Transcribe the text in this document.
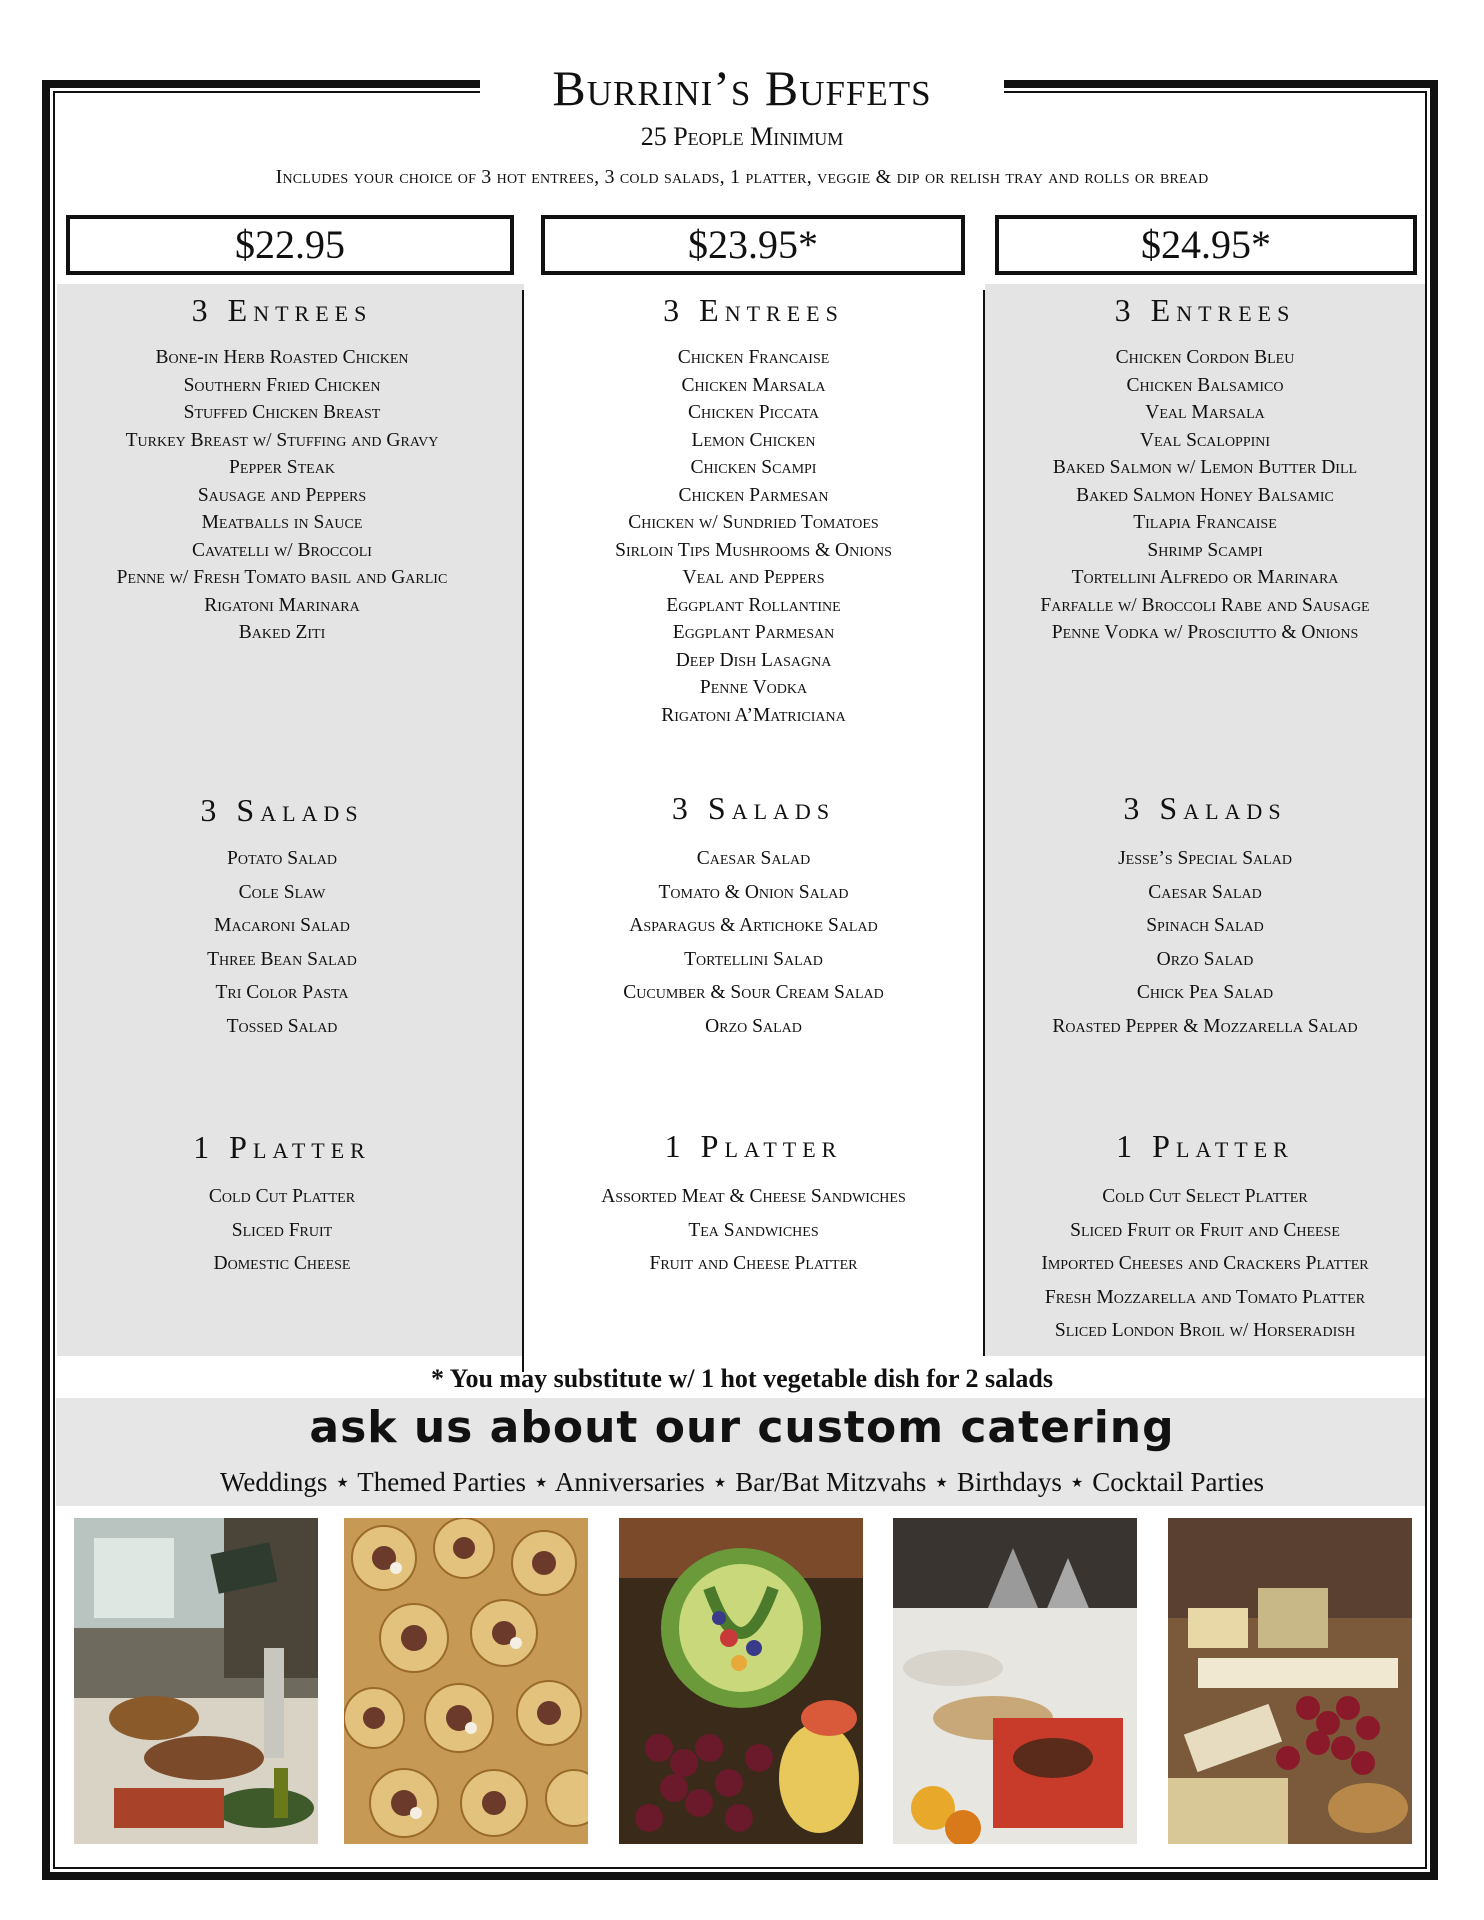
Burrini’s Buffets
25 People Minimum
Includes your choice of 3 hot entrees, 3 cold salads, 1 platter, veggie & dip or relish tray and rolls or bread
$22.95	$23.95*	$24.95*
3 Entrees
Bone-in Herb Roasted Chicken
Southern Fried Chicken
Stuffed Chicken Breast
Turkey Breast w/ Stuffing and Gravy
Pepper Steak
Sausage and Peppers
Meatballs in Sauce
Cavatelli w/ Broccoli
Penne w/ Fresh Tomato basil and Garlic
Rigatoni Marinara
Baked Ziti
3 Salads
Potato Salad
Cole Slaw
Macaroni Salad
Three Bean Salad
Tri Color Pasta
Tossed Salad
1 Platter
Cold Cut Platter
Sliced Fruit
Domestic Cheese
3 Entrees
Chicken Francaise
Chicken Marsala
Chicken Piccata
Lemon Chicken
Chicken Scampi
Chicken Parmesan
Chicken w/ Sundried Tomatoes
Sirloin Tips Mushrooms & Onions
Veal and Peppers
Eggplant Rollantine
Eggplant Parmesan
Deep Dish Lasagna
Penne Vodka
Rigatoni A’Matriciana
3 Salads
Caesar Salad
Tomato & Onion Salad
Asparagus & Artichoke Salad
Tortellini Salad
Cucumber & Sour Cream Salad
Orzo Salad
1 Platter
Assorted Meat & Cheese Sandwiches
Tea Sandwiches
Fruit and Cheese Platter
3 Entrees
Chicken Cordon Bleu
Chicken Balsamico
Veal Marsala
Veal Scaloppini
Baked Salmon w/ Lemon Butter Dill
Baked Salmon Honey Balsamic
Tilapia Francaise
Shrimp Scampi
Tortellini Alfredo or Marinara
Farfalle w/ Broccoli Rabe and Sausage
Penne Vodka w/ Prosciutto & Onions
3 Salads
Jesse’s Special Salad
Caesar Salad
Spinach Salad
Orzo Salad
Chick Pea Salad
Roasted Pepper & Mozzarella Salad
1 Platter
Cold Cut Select Platter
Sliced Fruit or Fruit and Cheese
Imported Cheeses and Crackers Platter
Fresh Mozzarella and Tomato Platter
Sliced London Broil w/ Horseradish
* You may substitute w/ 1 hot vegetable dish for 2 salads
ask us about our custom catering
Weddings ⋆ Themed Parties ⋆ Anniversaries ⋆ Bar/Bat Mitzvahs ⋆ Birthdays ⋆ Cocktail Parties
